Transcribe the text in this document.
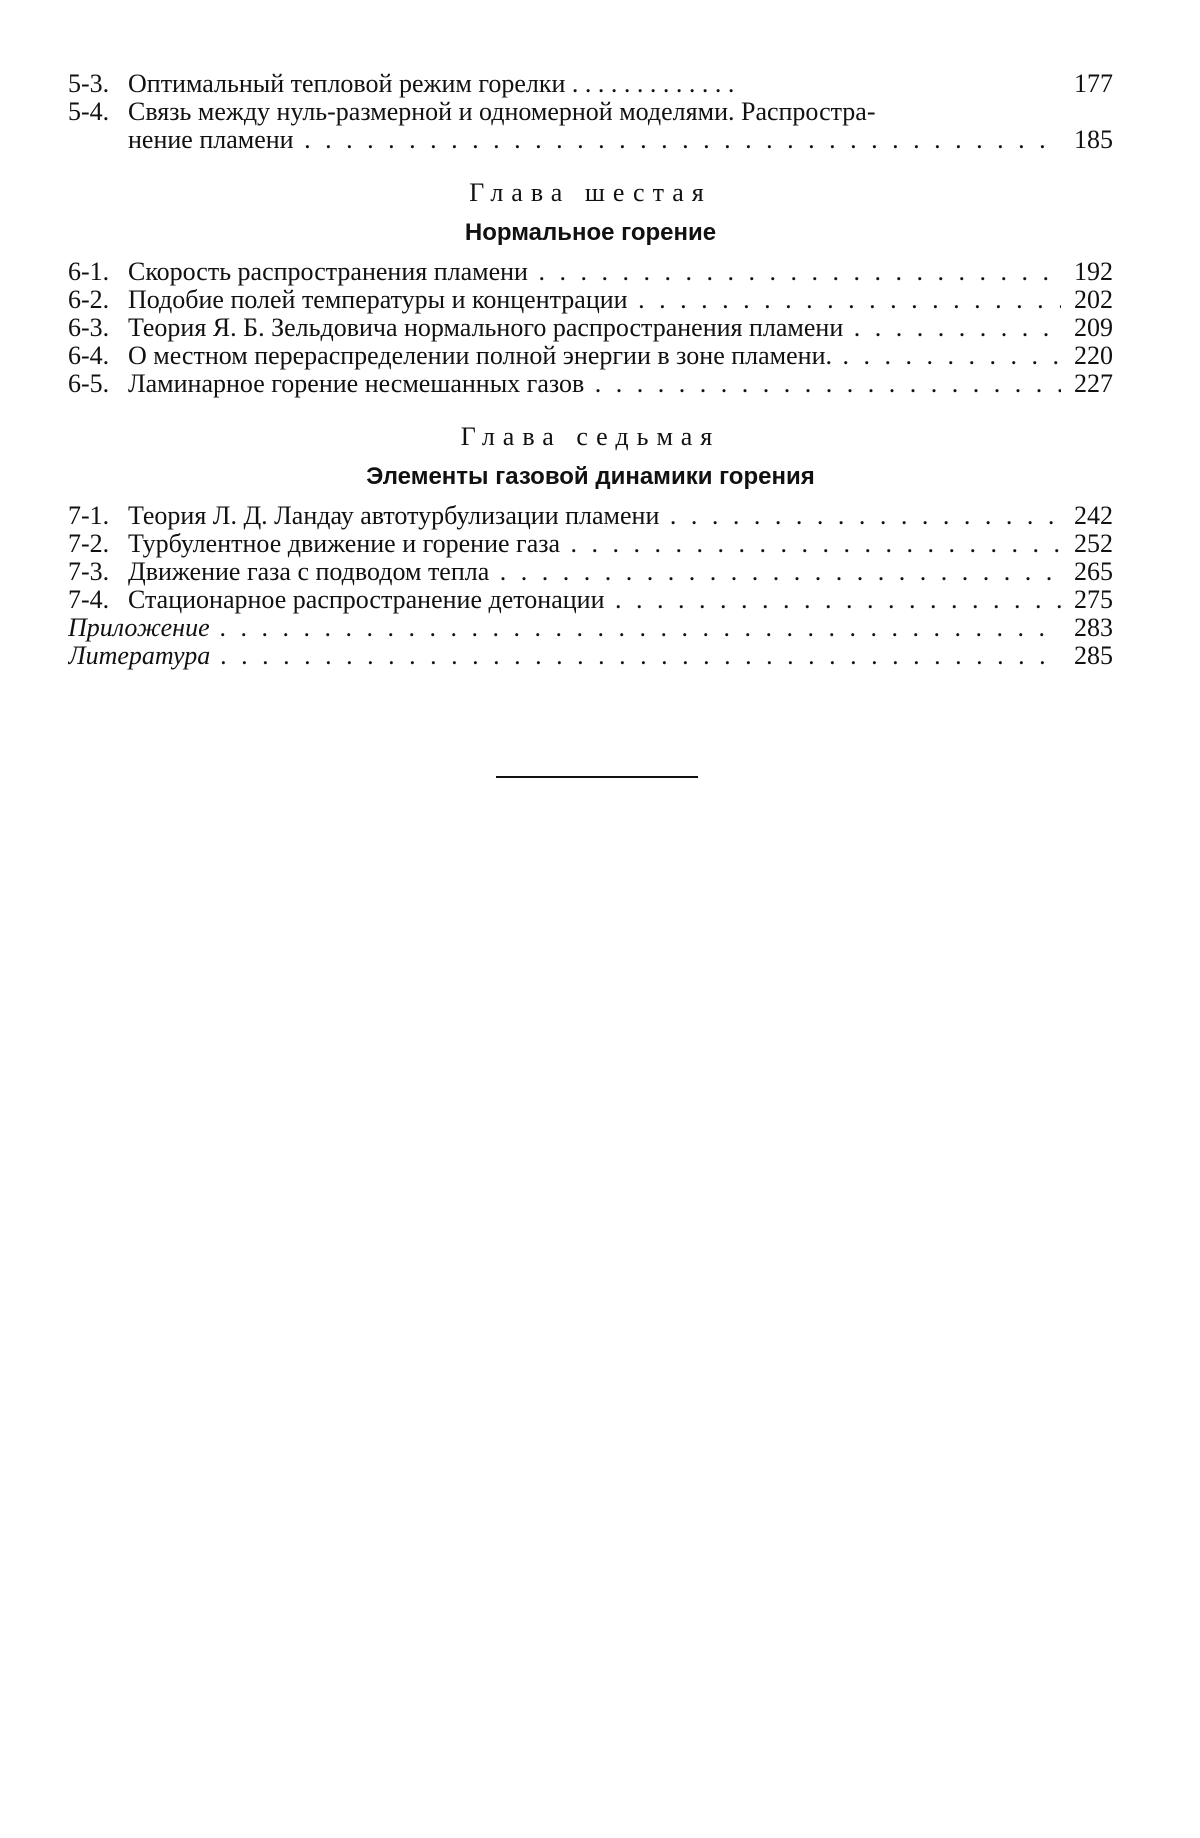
5-3. Оптимальный тепловой режим горелки . . . . . . . . . . . . .	177
5-4. Связь между нуль-размерной и одномерной моделями. Распростра-
нение пламени . . .	185
Глава шестая
Нормальное горение
6-1. Скорость распространения пламени . . .	192
6-2. Подобие полей температуры и концентрации . . .	202
6-3. Теория Я. Б. Зельдовича нормального распространения пламени . . .	209
6-4. О местном перераспределении полной энергии в зоне пламени. . . .	220
6-5. Ламинарное горение несмешанных газов . . .	227
Глава седьмая
Элементы газовой динамики горения
7-1. Теория Л. Д. Ландау автотурбулизации пламени . . .	242
7-2. Турбулентное движение и горение газа . . .	252
7-3. Движение газа с подводом тепла . . .	265
7-4. Стационарное распространение детонации . . .	275
Приложение . . .	283
Литература . . .	285
